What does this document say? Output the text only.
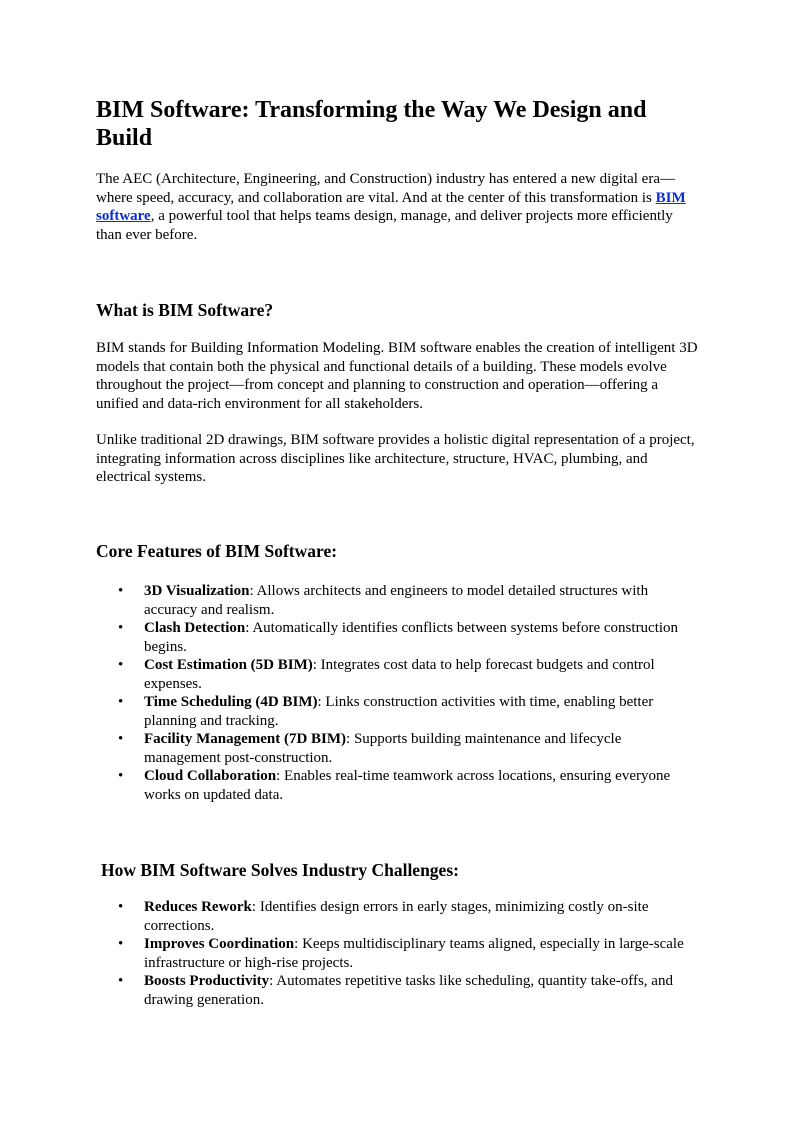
BIM Software: Transforming the Way We Design and Build

The AEC (Architecture, Engineering, and Construction) industry has entered a new digital era—where speed, accuracy, and collaboration are vital. And at the center of this transformation is BIM software, a powerful tool that helps teams design, manage, and deliver projects more efficiently than ever before.

What is BIM Software?

BIM stands for Building Information Modeling. BIM software enables the creation of intelligent 3D models that contain both the physical and functional details of a building. These models evolve throughout the project—from concept and planning to construction and operation—offering a unified and data-rich environment for all stakeholders.

Unlike traditional 2D drawings, BIM software provides a holistic digital representation of a project, integrating information across disciplines like architecture, structure, HVAC, plumbing, and electrical systems.

Core Features of BIM Software:
• 3D Visualization: Allows architects and engineers to model detailed structures with accuracy and realism.
• Clash Detection: Automatically identifies conflicts between systems before construction begins.
• Cost Estimation (5D BIM): Integrates cost data to help forecast budgets and control expenses.
• Time Scheduling (4D BIM): Links construction activities with time, enabling better planning and tracking.
• Facility Management (7D BIM): Supports building maintenance and lifecycle management post-construction.
• Cloud Collaboration: Enables real-time teamwork across locations, ensuring everyone works on updated data.
How BIM Software Solves Industry Challenges:
• Reduces Rework: Identifies design errors in early stages, minimizing costly on-site corrections.
• Improves Coordination: Keeps multidisciplinary teams aligned, especially in large-scale infrastructure or high-rise projects.
• Boosts Productivity: Automates repetitive tasks like scheduling, quantity take-offs, and drawing generation.
